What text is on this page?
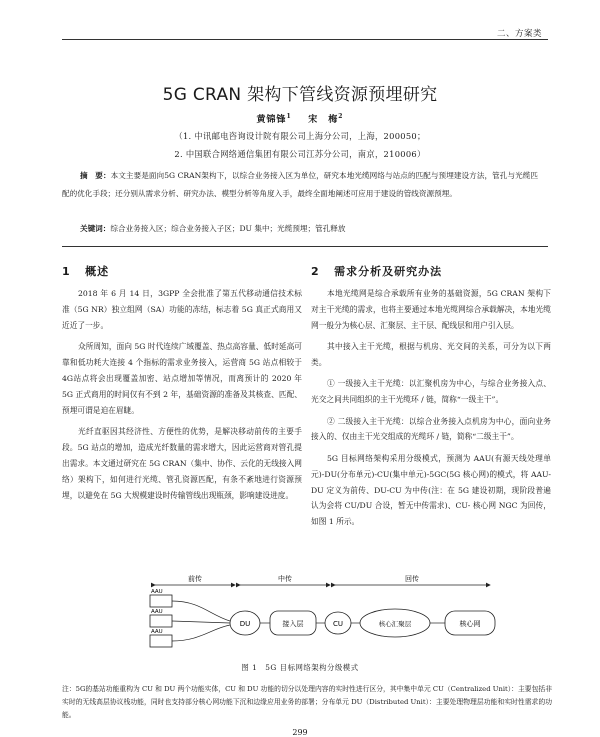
二、方案类
5G CRAN 架构下管线资源预埋研究
黄锦锋$^1$ 宋　梅$^2$
（1. 中讯邮电咨询设计院有限公司上海分公司，上海，200050；
2. 中国联合网络通信集团有限公司江苏分公司，南京，210006）
摘　要：本文主要是面向5G CRAN架构下，以综合业务接入区为单位，研究本地光缆网络与站点的匹配与预埋建设方法，管孔与光缆匹配的优化手段；还分别从需求分析、研究办法、模型分析等角度入手，最终全面地阐述可应用于建设的管线资源预埋。
关键词：综合业务接入区；综合业务接入子区；DU 集中；光缆预埋；管孔释放
1 概述

2018 年 6 月 14 日，3GPP 全会批准了第五代移动通信技术标准（5G NR）独立组网（SA）功能的冻结，标志着 5G 真正式商用又近近了一步。

众所周知，面向 5G 时代连续广域覆盖、热点高容量、低时延高可靠和低功耗大连接 4 个指标的需求业务接入，运营商 5G 站点相较于4G站点将会出现覆盖加密、站点增加等情况，而离预计的 2020 年 5G 正式商用的时间仅有不到 2 年，基础资源的准备及其核查、匹配、预埋可谓是迫在眉睫。

光纤直驱因其经济性、方便性的优势，是解决移动前传的主要手段。5G 站点的增加，造成光纤数量的需求增大，因此运营商对管孔提出需求。本文通过研究在 5G CRAN（集中、协作、云化的无线接入网络）架构下，如何进行光缆、管孔资源匹配，有条不紊地进行资源预埋，以避免在 5G 大规模建设时传输管线出现瓶颈，影响建设进度。

2 需求分析及研究办法

本地光缆网是综合承载所有业务的基础资源，5G CRAN 架构下对主干光缆的需求，也将主要通过本地光缆网综合承载解决，本地光缆网一般分为核心层、汇聚层、主干层、配线层和用户引入层。

其中接入主干光缆，根据与机房、光交间的关系，可分为以下两类。

① 一级接入主干光缆：以汇聚机房为中心，与综合业务接入点、光交之间共同组织的主干光缆环 / 链，简称“一级主干”。

② 二级接入主干光缆：以综合业务接入点机房为中心，面向业务接入的、仅由主干光交组成的光缆环 / 链，简称“二级主干”。

5G 目标网络架构采用分级模式，预测为 AAU(有源天线处理单元)-DU(分布单元)-CU(集中单元)-5GC(5G 核心网)的模式，将 AAU-DU 定义为前传、DU-CU 为中传(注：在 5G 建设初期，现阶段普遍认为会将 CU/DU 合设，暂无中传需求)、CU- 核心网 NGC 为回传，如图 1 所示。

前传	中传	回传
AAU
AAU
AAU
DU	接入层	CU	核心汇聚层	核心网
图 1　5G 目标网络架构分级模式
注：5G的基站功能重构为 CU 和 DU 两个功能实体，CU 和 DU 功能的切分以处理内容的实时性进行区分，其中集中单元 CU（Centralized Unit）：主要包括非实时的无线高层协议栈功能，同时也支持部分核心网功能下沉和边缘应用业务的部署；分布单元 DU（Distributed Unit）：主要处理物理层功能和实时性需求的功能。
299
